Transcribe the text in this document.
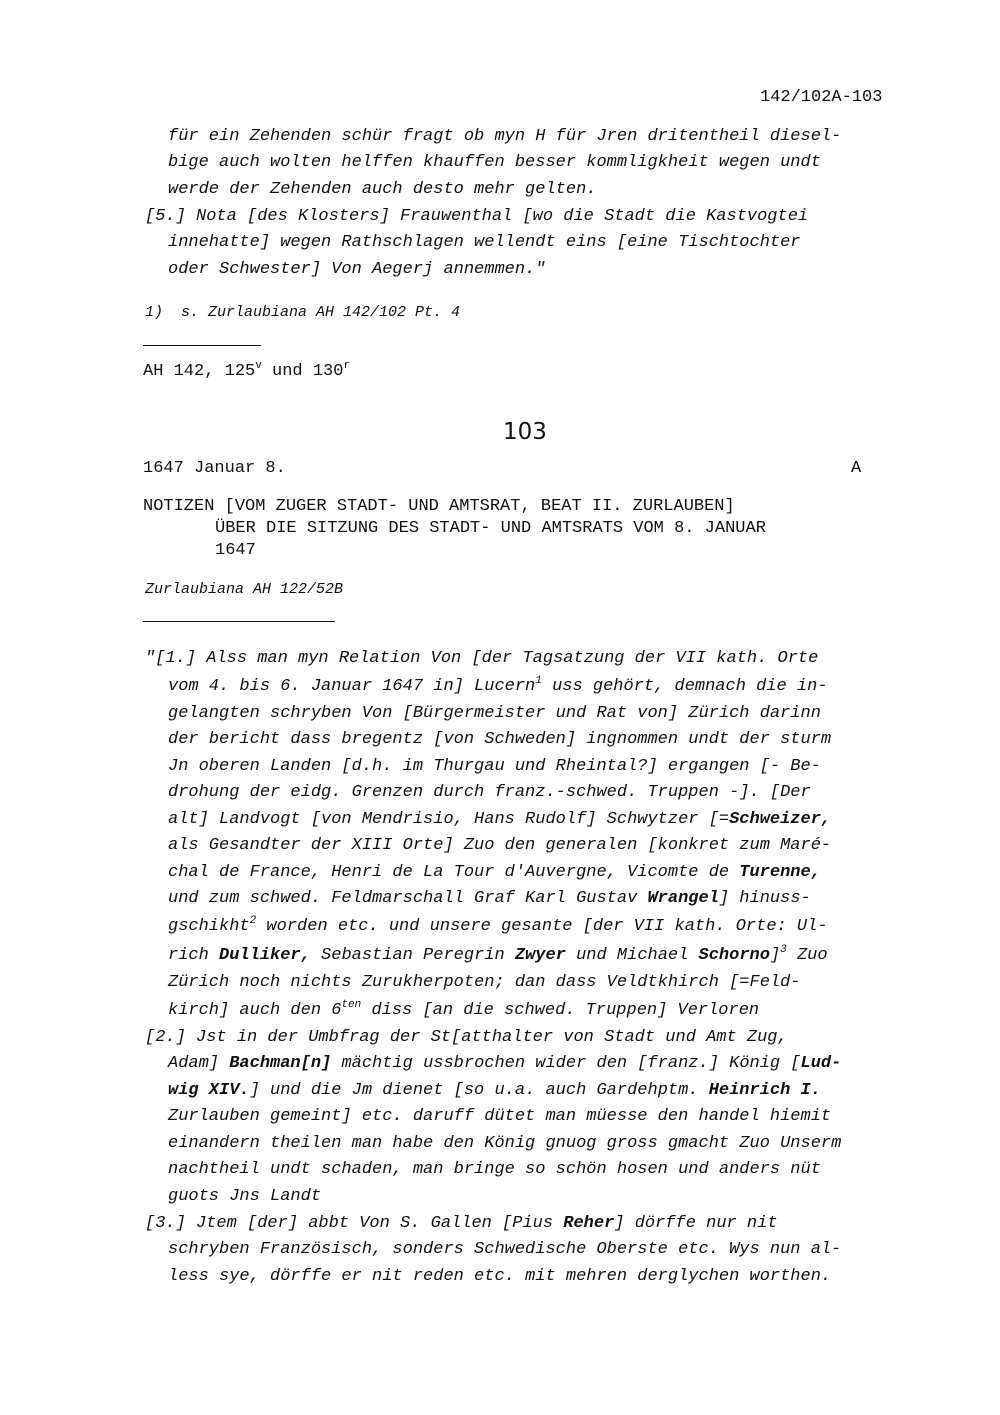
142/102A-103
für ein Zehenden schür fragt ob myn H für Jren dritentheil diesel-
bige auch wolten helffen khauffen besser kommligkheit wegen undt
werde der Zehenden auch desto mehr gelten.
[5.] Nota [des Klosters] Frauwenthal [wo die Stadt die Kastvogtei
innehatte] wegen Rathschlagen wellendt eins [eine Tischtochter
oder Schwester] Von Aegerj annemmen."
1)  s. Zurlaubiana AH 142/102 Pt. 4
AH 142, 125$^v$ und 130$^r$
103
1647 Januar 8.	A
NOTIZEN [VOM ZUGER STADT- UND AMTSRAT, BEAT II. ZURLAUBEN]
ÜBER DIE SITZUNG DES STADT- UND AMTSRATS VOM 8. JANUAR
1647
Zurlaubiana AH 122/52B
"[1.] Alss man myn Relation Von [der Tagsatzung der VII kath. Orte
vom 4. bis 6. Januar 1647 in] Lucern$^1$ uss gehört, demnach die in-
gelangten schryben Von [Bürgermeister und Rat von] Zürich darinn
der bericht dass bregentz [von Schweden] ingnommen undt der sturm
Jn oberen Landen [d.h. im Thurgau und Rheintal?] ergangen [- Be-
drohung der eidg. Grenzen durch franz.-schwed. Truppen -]. [Der
alt] Landvogt [von Mendrisio, Hans Rudolf] Schwytzer [=Schweizer,
als Gesandter der XIII Orte] Zuo den generalen [konkret zum Maré-
chal de France, Henri de La Tour d'Auvergne, Vicomte de Turenne,
und zum schwed. Feldmarschall Graf Karl Gustav Wrangel] hinuss-
gschikht$^2$ worden etc. und unsere gesante [der VII kath. Orte: Ul-
rich Dulliker, Sebastian Peregrin Zwyer und Michael Schorno]$^3$ Zuo
Zürich noch nichts Zurukherpoten; dan dass Veldtkhirch [=Feld-
kirch] auch den $6^{ten}$ diss [an die schwed. Truppen] Verloren
[2.] Jst in der Umbfrag der St[atthalter von Stadt und Amt Zug,
Adam] Bachman[n] mächtig ussbrochen wider den [franz.] König [Lud-
wig XIV.] und die Jm dienet [so u.a. auch Gardehptm. Heinrich I.
Zurlauben gemeint] etc. daruff dütet man müesse den handel hiemit
einandern theilen man habe den König gnuog gross gmacht Zuo Unserm
nachtheil undt schaden, man bringe so schön hosen und anders nüt
guots Jns Landt
[3.] Jtem [der] abbt Von S. Gallen [Pius Reher] dörffe nur nit
schryben Französisch, sonders Schwedische Oberste etc. Wys nun al-
less sye, dörffe er nit reden etc. mit mehren derglychen worthen.
